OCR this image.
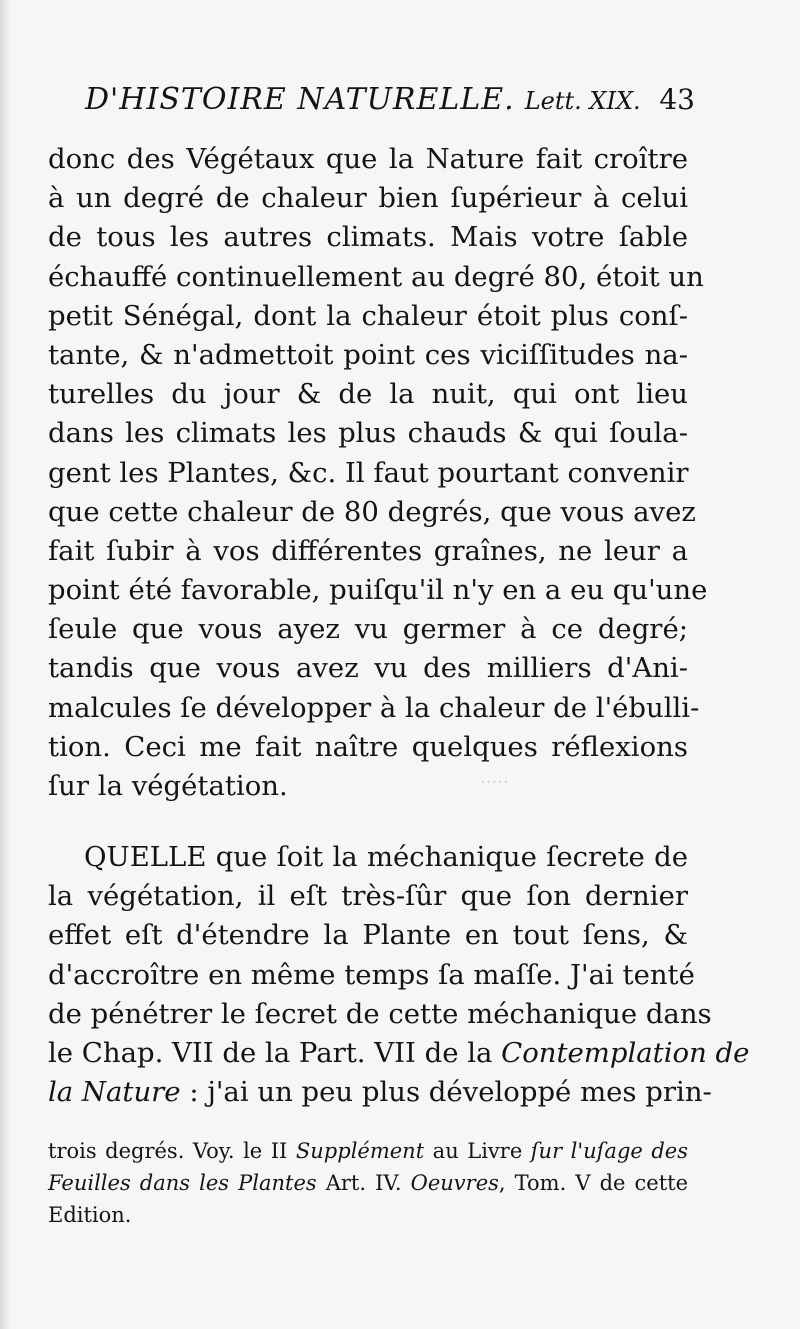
D'HISTOIRE NATURELLE. Lett. XIX. 43
donc des Végétaux que la Nature fait croître
à un degré de chaleur bien ſupérieur à celui
de tous les autres climats. Mais votre ſable
échauffé continuellement au degré 80, étoit un
petit Sénégal, dont la chaleur étoit plus conſ-
tante, & n'admettoit point ces viciſſitudes na-
turelles du jour & de la nuit, qui ont lieu
dans les climats les plus chauds & qui ſoula-
gent les Plantes, &c. Il faut pourtant convenir
que cette chaleur de 80 degrés, que vous avez
fait ſubir à vos différentes graînes, ne leur a
point été favorable, puiſqu'il n'y en a eu qu'une
ſeule que vous ayez vu germer à ce degré;
tandis que vous avez vu des milliers d'Ani-
malcules ſe développer à la chaleur de l'ébulli-
tion. Ceci me fait naître quelques réflexions
ſur la végétation.	·····
QUELLE que ſoit la méchanique ſecrete de
la végétation, il eſt très-ſûr que ſon dernier
effet eſt d'étendre la Plante en tout ſens, &
d'accroître en même temps ſa maſſe. J'ai tenté
de pénétrer le ſecret de cette méchanique dans
le Chap. VII de la Part. VII de la Contemplation de
la Nature : j'ai un peu plus développé mes prin-
trois degrés. Voy. le II Supplément au Livre ſur l'uſage des
Feuilles dans les Plantes Art. IV. Oeuvres, Tom. V de cette
Edition.
